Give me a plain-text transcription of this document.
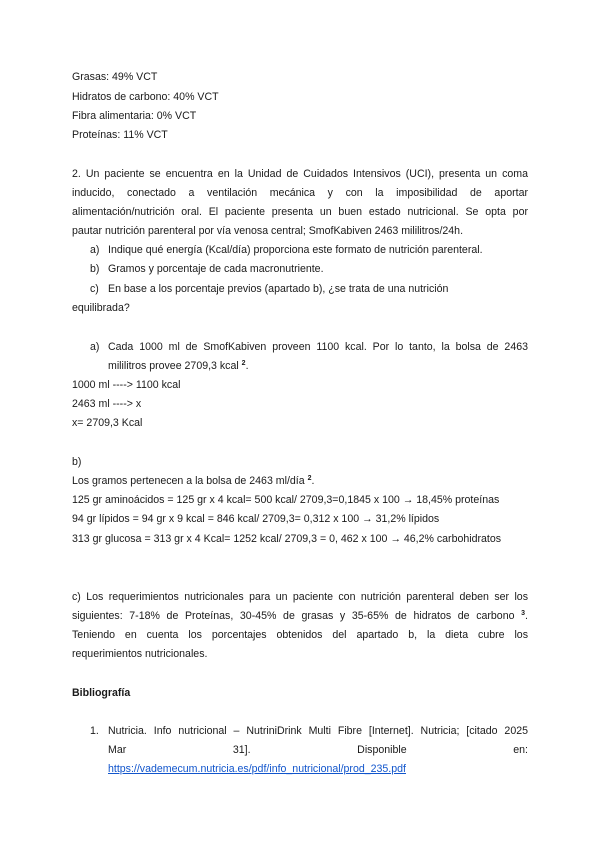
Grasas: 49% VCT
Hidratos de carbono: 40% VCT
Fibra alimentaria: 0% VCT
Proteínas: 11% VCT
2. Un paciente se encuentra en la Unidad de Cuidados Intensivos (UCI), presenta un coma
inducido, conectado a ventilación mecánica y con la imposibilidad de aportar
alimentación/nutrición oral. El paciente presenta un buen estado nutricional. Se opta por
pautar nutrición parenteral por vía venosa central; SmofKabiven 2463 mililitros/24h.
a) Indique qué energía (Kcal/día) proporciona este formato de nutrición parenteral.
b) Gramos y porcentaje de cada macronutriente.
c) En base a los porcentaje previos (apartado b), ¿se trata de una nutrición
equilibrada?
a) Cada 1000 ml de SmofKabiven proveen 1100 kcal. Por lo tanto, la bolsa de 2463
mililitros provee 2709,3 kcal $^2$.
1000 ml ----> 1100 kcal
2463 ml ----> x
x= 2709,3 Kcal
b)
Los gramos pertenecen a la bolsa de 2463 ml/día $^2$.
125 gr aminoácidos = 125 gr x 4 kcal= 500 kcal/ 2709,3=0,1845 x 100 → 18,45% proteínas
94 gr lípidos = 94 gr x 9 kcal = 846 kcal/ 2709,3= 0,312 x 100 → 31,2% lípidos
313 gr glucosa = 313 gr x 4 Kcal= 1252 kcal/ 2709,3 = 0, 462 x 100 → 46,2% carbohidratos
c) Los requerimientos nutricionales para un paciente con nutrición parenteral deben ser los
siguientes: 7-18% de Proteínas, 30-45% de grasas y 35-65% de hidratos de carbono $^3$.
Teniendo en cuenta los porcentajes obtenidos del apartado b, la dieta cubre los
requerimientos nutricionales.
Bibliografía
1. Nutricia. Info nutricional – NutriniDrink Multi Fibre [Internet]. Nutricia; [citado 2025
Mar 31]. Disponible en:
https://vademecum.nutricia.es/pdf/info_nutricional/prod_235.pdf
